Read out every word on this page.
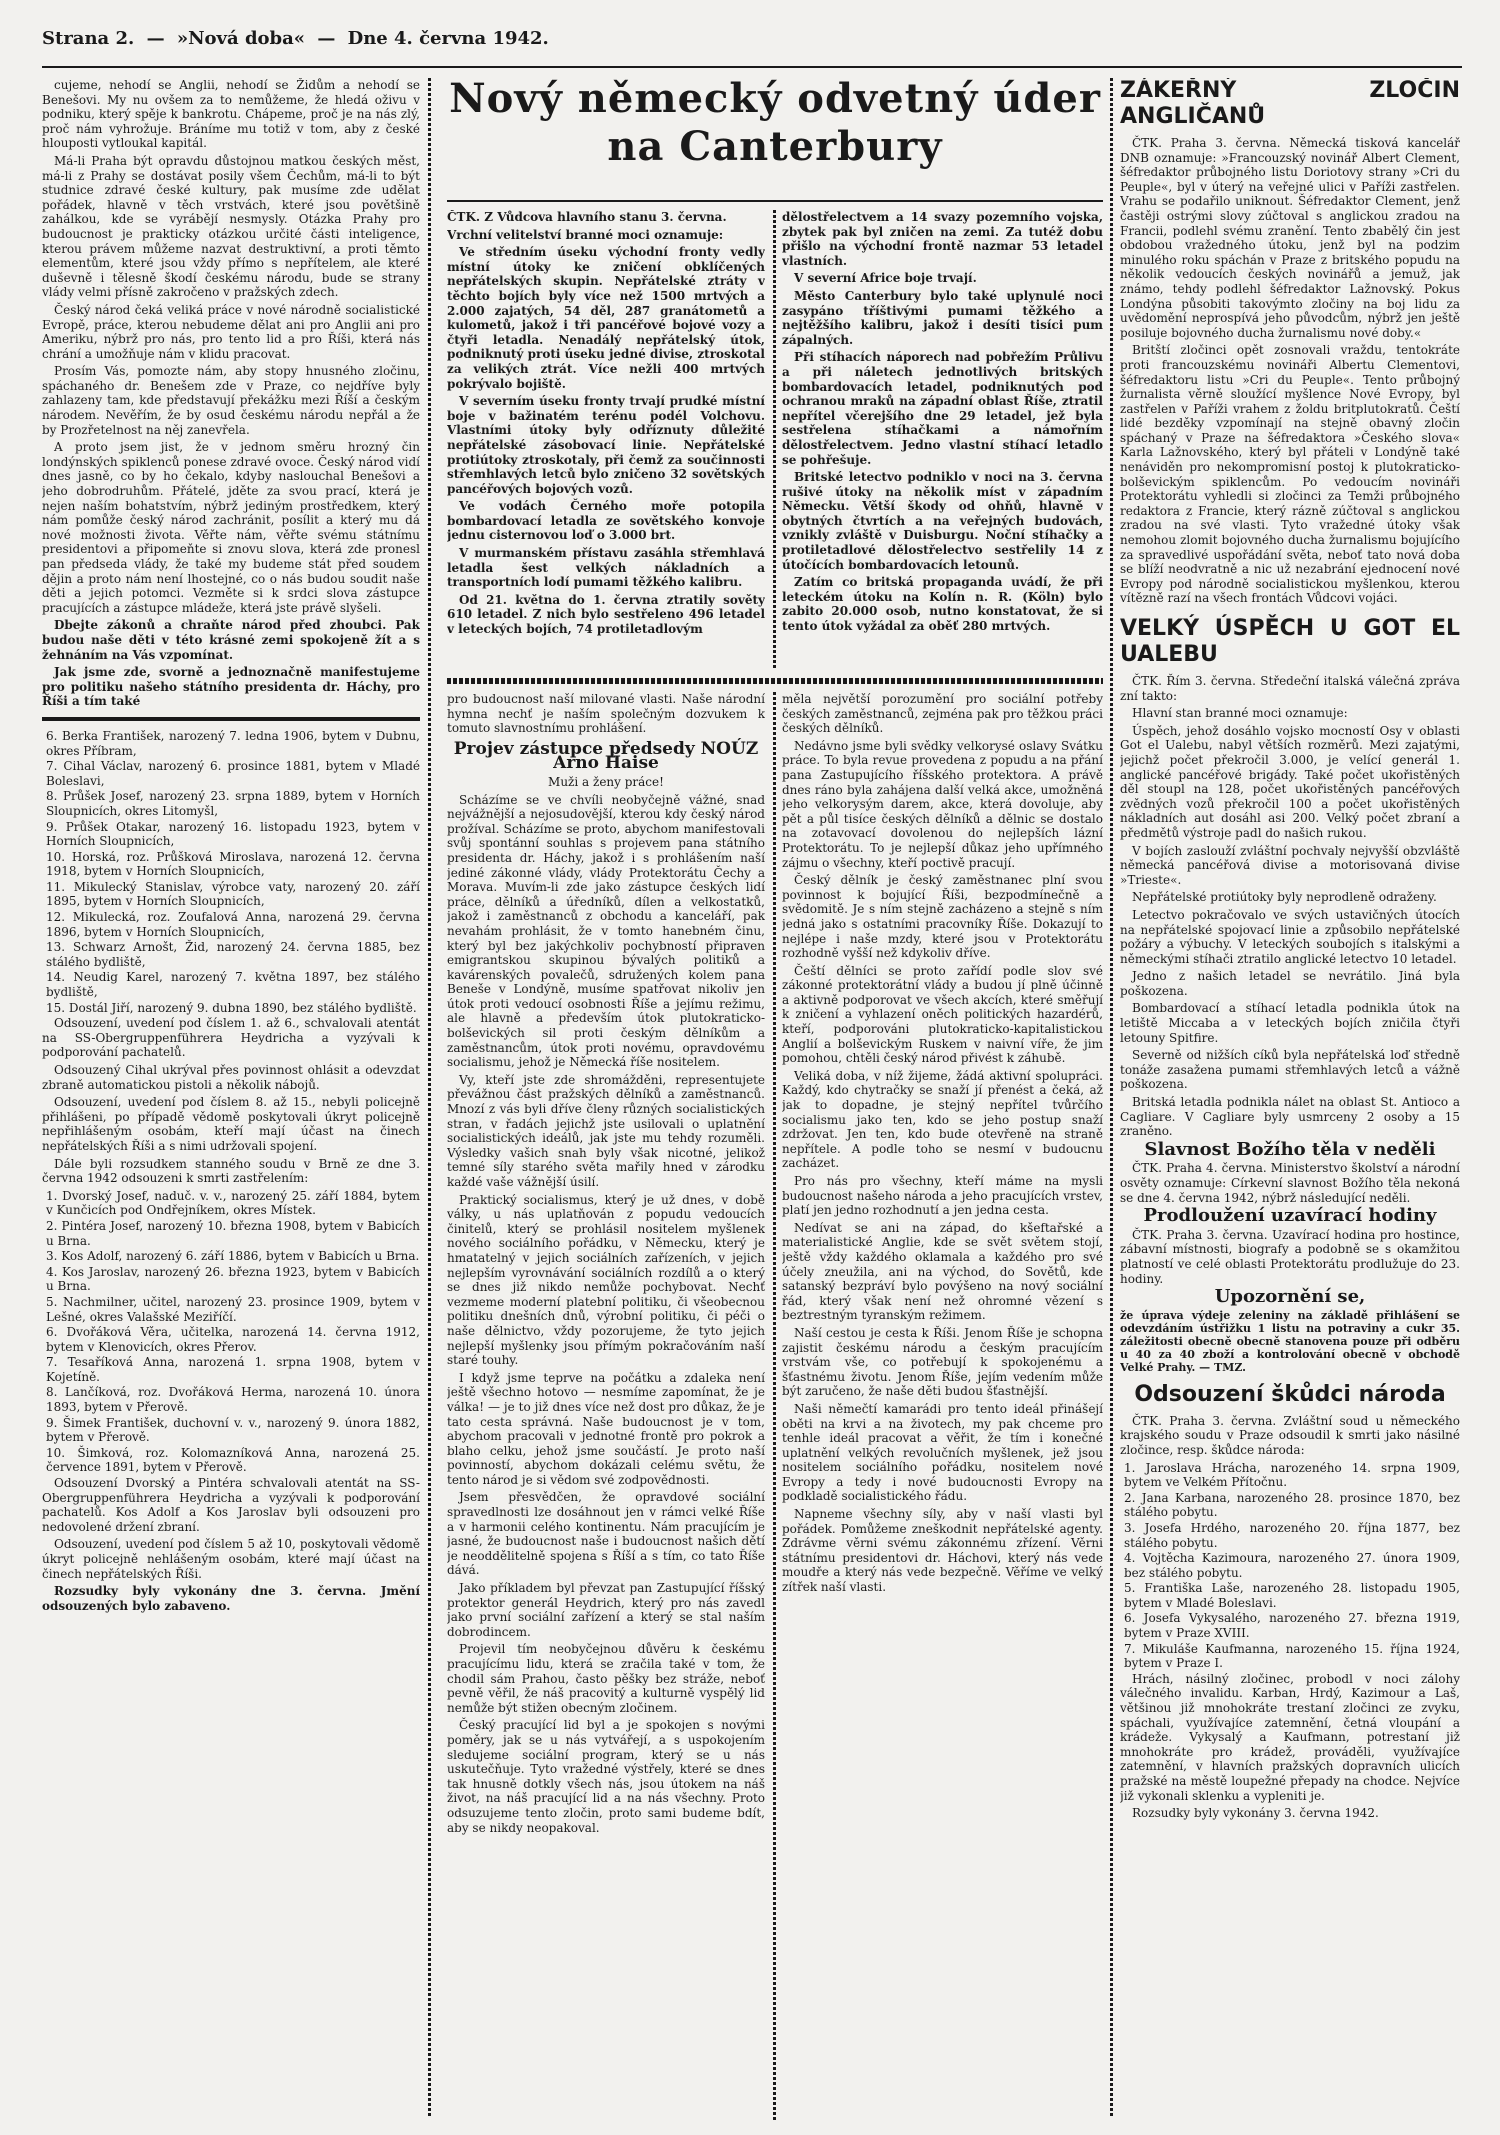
Strana 2. — »Nová doba« — Dne 4. června 1942.

cujeme, nehodí se Anglii, nehodí se Židům a nehodí se Benešovi. My nu ovšem za to nemůžeme, že hledá oživu v podniku, který spěje k bankrotu. Chápeme, proč je na nás zlý, proč nám vyhrožuje. Bráníme mu totiž v tom, aby z české hlouposti vytloukal kapitál.

Má-li Praha být opravdu důstojnou matkou českých měst, má-li z Prahy se dostávat posily všem Čechům, má-li to být studnice zdravé české kultury, pak musíme zde udělat pořádek, hlavně v těch vrstvách, které jsou povětšině zahálkou, kde se vyrábějí nesmysly. Otázka Prahy pro budoucnost je prakticky otázkou určité části inteligence, kterou právem můžeme nazvat destruktivní, a proti těmto elementům, které jsou vždy přímo s nepřítelem, ale které duševně i tělesně škodí českému národu, bude se strany vlády velmi přísně zakročeno v pražských zdech.

Český národ čeká veliká práce v nové národně socialistické Evropě, práce, kterou nebudeme dělat ani pro Anglii ani pro Ameriku, nýbrž pro nás, pro tento lid a pro Říši, která nás chrání a umožňuje nám v klidu pracovat.

Prosím Vás, pomozte nám, aby stopy hnusného zločinu, spáchaného dr. Benešem zde v Praze, co nejdříve byly zahlazeny tam, kde představují překážku mezi Říší a českým národem. Nevěřím, že by osud českému národu nepřál a že by Prozřetelnost na něj zanevřela.

A proto jsem jist, že v jednom směru hrozný čin londýnských spiklenců ponese zdravé ovoce. Český národ vidí dnes jasně, co by ho čekalo, kdyby naslouchal Benešovi a jeho dobrodruhům. Přátelé, jděte za svou prací, která je nejen naším bohatstvím, nýbrž jediným prostředkem, který nám pomůže český národ zachránit, posílit a který mu dá nové možnosti života. Věřte nám, věřte svému státnímu presidentovi a připomeňte si znovu slova, která zde pronesl pan předseda vlády, že také my budeme stát před soudem dějin a proto nám není lhostejné, co o nás budou soudit naše děti a jejich potomci. Vezměte si k srdci slova zástupce pracujících a zástupce mládeže, která jste právě slyšeli.

Dbejte zákonů a chraňte národ před zhoubci. Pak budou naše děti v této krásné zemi spokojeně žít a s žehnáním na Vás vzpomínat.

Jak jsme zde, svorně a jednoznačně manifestujeme pro politiku našeho státního presidenta dr. Háchy, pro Říši a tím také

6. Berka František, narozený 7. ledna 1906, bytem v Dubnu, okres Příbram,
7. Cihal Václav, narozený 6. prosince 1881, bytem v Mladé Boleslavi,
8. Průšek Josef, narozený 23. srpna 1889, bytem v Horních Sloupnicích, okres Litomyšl,
9. Průšek Otakar, narozený 16. listopadu 1923, bytem v Horních Sloupnicích,
10. Horská, roz. Průšková Miroslava, narozená 12. června 1918, bytem v Horních Sloupnicích,
11. Mikulecký Stanislav, výrobce vaty, narozený 20. září 1895, bytem v Horních Sloupnicích,
12. Mikulecká, roz. Zoufalová Anna, narozená 29. června 1896, bytem v Horních Sloupnicích,
13. Schwarz Arnošt, Žid, narozený 24. června 1885, bez stálého bydliště,
14. Neudig Karel, narozený 7. května 1897, bez stálého bydliště,
15. Dostál Jiří, narozený 9. dubna 1890, bez stálého bydliště.

Odsouzení, uvedení pod číslem 1. až 6., schvalovali atentát na SS-Obergruppenführera Heydricha a vyzývali k podporování pachatelů.

Odsouzený Cihal ukrýval přes povinnost ohlásit a odevzdat zbraně automatickou pistoli a několik nábojů.

Odsouzení, uvedení pod číslem 8. až 15., nebyli policejně přihlášeni, po případě vědomě poskytovali úkryt policejně nepřihlášeným osobám, kteří mají účast na činech nepřátelských Říši a s nimi udržovali spojení.

Dále byli rozsudkem stanného soudu v Brně ze dne 3. června 1942 odsouzeni k smrti zastřelením:

1. Dvorský Josef, naduč. v. v., narozený 25. září 1884, bytem v Kunčicích pod Ondřejníkem, okres Místek.
2. Pintéra Josef, narozený 10. března 1908, bytem v Babicích u Brna.
3. Kos Adolf, narozený 6. září 1886, bytem v Babicích u Brna.
4. Kos Jaroslav, narozený 26. března 1923, bytem v Babicích u Brna.
5. Nachmilner, učitel, narozený 23. prosince 1909, bytem v Lešné, okres Valašské Meziříčí.
6. Dvořáková Věra, učitelka, narozená 14. června 1912, bytem v Klenovicích, okres Přerov.
7. Tesaříková Anna, narozená 1. srpna 1908, bytem v Kojetíně.
8. Lančíková, roz. Dvořáková Herma, narozená 10. února 1893, bytem v Přerově.
9. Šimek František, duchovní v. v., narozený 9. února 1882, bytem v Přerově.
10. Šimková, roz. Kolomazníková Anna, narozená 25. července 1891, bytem v Přerově.

Odsouzení Dvorský a Pintéra schvalovali atentát na SS-Obergruppenführera Heydricha a vyzývali k podporování pachatelů. Kos Adolf a Kos Jaroslav byli odsouzeni pro nedovolené držení zbraní.

Odsouzení, uvedení pod číslem 5 až 10, poskytovali vědomě úkryt policejně nehlášeným osobám, které mají účast na činech nepřátelských Říši.

Rozsudky byly vykonány dne 3. června. Jmění odsouzených bylo zabaveno.

Nový německý odvetný úder
na Canterbury

ČTK. Z Vůdcova hlavního stanu 3. června.

Vrchní velitelství branné moci oznamuje:

Ve středním úseku východní fronty vedly místní útoky ke zničení obklíčených nepřátelských skupin. Nepřátelské ztráty v těchto bojích byly více než 1500 mrtvých a 2.000 zajatých, 54 děl, 287 granátometů a kulometů, jakož i tři pancéřové bojové vozy a čtyři letadla. Nenadálý nepřátelský útok, podniknutý proti úseku jedné divise, ztroskotal za velikých ztrát. Více nežli 400 mrtvých pokrývalo bojiště.

V severním úseku fronty trvají prudké místní boje v bažinatém terénu podél Volchovu. Vlastními útoky byly odříznuty důležité nepřátelské zásobovací linie. Nepřátelské protiútoky ztroskotaly, při čemž za součinnosti střemhlavých letců bylo zničeno 32 sovětských pancéřových bojových vozů.

Ve vodách Černého moře potopila bombardovací letadla ze sovětského konvoje jednu cisternovou loď o 3.000 brt.

V murmanském přístavu zasáhla střemhlavá letadla šest velkých nákladních a transportních lodí pumami těžkého kalibru.

Od 21. května do 1. června ztratily sověty 610 letadel. Z nich bylo sestřeleno 496 letadel v leteckých bojích, 74 protiletadlovým

dělostřelectvem a 14 svazy pozemního vojska, zbytek pak byl zničen na zemi. Za tutéž dobu přišlo na východní frontě nazmar 53 letadel vlastních.

V severní Africe boje trvají.

Město Canterbury bylo také uplynulé noci zasypáno tříštivými pumami těžkého a nejtěžšího kalibru, jakož i desíti tisíci pum zápalných.

Při stíhacích náporech nad pobřežím Průlivu a při náletech jednotlivých britských bombardovacích letadel, podniknutých pod ochranou mraků na západní oblast Říše, ztratil nepřítel včerejšího dne 29 letadel, jež byla sestřelena stíhačkami a námořním dělostřelectvem. Jedno vlastní stíhací letadlo se pohřešuje.

Britské letectvo podniklo v noci na 3. června rušivé útoky na několik míst v západním Německu. Větší škody od ohňů, hlavně v obytných čtvrtích a na veřejných budovách, vznikly zvláště v Duisburgu. Noční stíhačky a protiletadlové dělostřelectvo sestřelily 14 z útočících bombardovacích letounů.

Zatím co britská propaganda uvádí, že při leteckém útoku na Kolín n. R. (Köln) bylo zabito 20.000 osob, nutno konstatovat, že si tento útok vyžádal za oběť 280 mrtvých.

pro budoucnost naší milované vlasti. Naše národní hymna nechť je naším společným dozvukem k tomuto slavnostnímu prohlášení.

Projev zástupce předsedy NOÚZ Arno Haise

Muži a ženy práce!

Scházíme se ve chvíli neobyčejně vážné, snad nejvážnější a nejosudovější, kterou kdy český národ prožíval. Scházíme se proto, abychom manifestovali svůj spontánní souhlas s projevem pana státního presidenta dr. Háchy, jakož i s prohlášením naší jediné zákonné vlády, vlády Protektorátu Čechy a Morava. Muvím-li zde jako zástupce českých lidí práce, dělníků a úředníků, dílen a velkostatků, jakož i zaměstnanců z obchodu a kanceláří, pak nevahám prohlásit, že v tomto hanebném činu, který byl bez jakýchkoliv pochybností připraven emigrantskou skupinou bývalých politiků a kavárenských povalečů, sdružených kolem pana Beneše v Londýně, musíme spatřovat nikoliv jen útok proti vedoucí osobnosti Říše a jejímu režimu, ale hlavně a především útok plutokraticko-bolševických sil proti českým dělníkům a zaměstnancům, útok proti novému, opravdovému socialismu, jehož je Německá říše nositelem.

Vy, kteří jste zde shromážděni, representujete převážnou část pražských dělníků a zaměstnanců. Mnozí z vás byli dříve členy různých socialistických stran, v řadách jejichž jste usilovali o uplatnění socialistických ideálů, jak jste mu tehdy rozuměli. Výsledky vašich snah byly však nicotné, jelikož temné síly starého světa mařily hned v zárodku každé vaše vážnější úsilí.

Praktický socialismus, který je už dnes, v době války, u nás uplatňován z popudu vedoucích činitelů, který se prohlásil nositelem myšlenek nového sociálního pořádku, v Německu, který je hmatatelný v jejich sociálních zařízeních, v jejich nejlepším vyrovnávání sociálních rozdílů a o který se dnes již nikdo nemůže pochybovat. Nechť vezmeme moderní platební politiku, či všeobecnou politiku dnešních dnů, výrobní politiku, či péči o naše dělnictvo, vždy pozorujeme, že tyto jejich nejlepší myšlenky jsou přímým pokračováním naší staré touhy.

I když jsme teprve na počátku a zdaleka není ještě všechno hotovo — nesmíme zapomínat, že je válka! — je to již dnes více než dost pro důkaz, že je tato cesta správná. Naše budoucnost je v tom, abychom pracovali v jednotné frontě pro pokrok a blaho celku, jehož jsme součástí. Je proto naší povinností, abychom dokázali celému světu, že tento národ je si vědom své zodpovědnosti.

Jsem přesvědčen, že opravdové sociální spravedlnosti lze dosáhnout jen v rámci velké Říše a v harmonii celého kontinentu. Nám pracujícím je jasné, že budoucnost naše i budoucnost našich dětí je neoddělitelně spojena s Říší a s tím, co tato Říše dává.

Jako příkladem byl převzat pan Zastupující říšský protektor generál Heydrich, který pro nás zavedl jako první sociální zařízení a který se stal naším dobrodincem.

Projevil tím neobyčejnou důvěru k českému pracujícímu lidu, která se zračila také v tom, že chodil sám Prahou, často pěšky bez stráže, neboť pevně věřil, že náš pracovitý a kulturně vyspělý lid nemůže být stižen obecným zločinem.

Český pracující lid byl a je spokojen s novými poměry, jak se u nás vytvářejí, a s uspokojením sledujeme sociální program, který se u nás uskutečňuje. Tyto vražedné výstřely, které se dnes tak hnusně dotkly všech nás, jsou útokem na náš život, na náš pracující lid a na nás všechny. Proto odsuzujeme tento zločin, proto sami budeme bdít, aby se nikdy neopakoval.

měla největší porozumění pro sociální potřeby českých zaměstnanců, zejména pak pro těžkou práci českých dělníků.

Nedávno jsme byli svědky velkorysé oslavy Svátku práce. To byla revue provedena z popudu a na přání pana Zastupujícího říšského protektora. A právě dnes ráno byla zahájena další velká akce, umožněná jeho velkorysým darem, akce, která dovoluje, aby pět a půl tisíce českých dělníků a dělnic se dostalo na zotavovací dovolenou do nejlepších lázní Protektorátu. To je nejlepší důkaz jeho upřímného zájmu o všechny, kteří poctivě pracují.

Český dělník je český zaměstnanec plní svou povinnost k bojující Říši, bezpodmínečně a svědomitě. Je s ním stejně zacházeno a stejně s ním jedná jako s ostatními pracovníky Říše. Dokazují to nejlépe i naše mzdy, které jsou v Protektorátu rozhodně vyšší než kdykoliv dříve.

Čeští dělníci se proto zařídí podle slov své zákonné protektorátní vlády a budou jí plně účinně a aktivně podporovat ve všech akcích, které směřují k zničení a vyhlazení oněch politických hazardérů, kteří, podporováni plutokraticko-kapitalistickou Anglií a bolševickým Ruskem v naivní víře, že jim pomohou, chtěli český národ přivést k záhubě.

Veliká doba, v níž žijeme, žádá aktivní spolupráci. Každý, kdo chytračky se snaží jí přenést a čeká, až jak to dopadne, je stejný nepřítel tvůrčího socialismu jako ten, kdo se jeho postup snaží zdržovat. Jen ten, kdo bude otevřeně na straně nepřítele. A podle toho se nesmí v budoucnu zacházet.

Pro nás pro všechny, kteří máme na mysli budoucnost našeho národa a jeho pracujících vrstev, platí jen jedno rozhodnutí a jen jedna cesta.

Nedívat se ani na západ, do kšeftařské a materialistické Anglie, kde se svět světem stojí, ještě vždy každého oklamala a každého pro své účely zneužila, ani na východ, do Sovětů, kde satanský bezpráví bylo povýšeno na nový sociální řád, který však není než ohromné vězení s beztrestným tyranským režimem.

Naší cestou je cesta k Říši. Jenom Říše je schopna zajistit českému národu a českým pracujícím vrstvám vše, co potřebují k spokojenému a šťastnému životu. Jenom Říše, jejím vedením může být zaručeno, že naše děti budou šťastnější.

Naši němečtí kamarádi pro tento ideál přinášejí oběti na krvi a na životech, my pak chceme pro tenhle ideál pracovat a věřit, že tím i konečné uplatnění velkých revolučních myšlenek, jež jsou nositelem sociálního pořádku, nositelem nové Evropy a tedy i nové budoucnosti Evropy na podkladě socialistického řádu.

Napneme všechny síly, aby v naší vlasti byl pořádek. Pomůžeme zneškodnit nepřátelské agenty. Zdrávme věrni svému zákonnému zřízení. Věrni státnímu presidentovi dr. Háchovi, který nás vede moudře a který nás vede bezpečně. Věříme ve velký zítřek naší vlasti.

ZÁKEŘNÝ ZLOČIN ANGLIČANŮ

ČTK. Praha 3. června. Německá tisková kancelář DNB oznamuje: »Francouzský novinář Albert Clement, šéfredaktor průbojného listu Doriotovy strany »Cri du Peuple«, byl v úterý na veřejné ulici v Paříži zastřelen. Vrahu se podařilo uniknout. Šéfredaktor Clement, jenž častěji ostrými slovy zúčtoval s anglickou zradou na Francii, podlehl svému zranění. Tento zbabělý čin jest obdobou vražedného útoku, jenž byl na podzim minulého roku spáchán v Praze z britského popudu na několik vedoucích českých novinářů a jemuž, jak známo, tehdy podlehl šéfredaktor Lažnovský. Pokus Londýna působiti takovýmto zločiny na boj lidu za uvědomění neprospívá jeho původcům, nýbrž jen ještě posiluje bojovného ducha žurnalismu nové doby.«

Britští zločinci opět zosnovali vraždu, tentokráte proti francouzskému novináři Albertu Clementovi, šéfredaktoru listu »Cri du Peuple«. Tento průbojný žurnalista věrně sloužící myšlence Nové Evropy, byl zastřelen v Paříži vrahem z žoldu britplutokratů. Čeští lidé bezděky vzpomínají na stejně obavný zločin spáchaný v Praze na šéfredaktora »Českého slova« Karla Lažnovského, který byl přáteli v Londýně také nenáviděn pro nekompromisní postoj k plutokraticko-bolševickým spiklencům. Po vedoucím novináři Protektorátu vyhledli si zločinci za Temži průbojného redaktora z Francie, který rázně zúčtoval s anglickou zradou na své vlasti. Tyto vražedné útoky však nemohou zlomit bojovného ducha žurnalismu bojujícího za spravedlivé uspořádání světa, neboť tato nová doba se blíží neodvratně a nic už nezabrání ejednocení nové Evropy pod národně socialistickou myšlenkou, kterou vítězně razí na všech frontách Vůdcovi vojáci.

VELKÝ ÚSPĚCH U GOT EL UALEBU

ČTK. Řím 3. června. Středeční italská válečná zpráva zní takto:

Hlavní stan branné moci oznamuje:

Úspěch, jehož dosáhlo vojsko mocností Osy v oblasti Got el Ualebu, nabyl větších rozměrů. Mezi zajatými, jejichž počet překročil 3.000, je velící generál 1. anglické pancéřové brigády. Také počet ukořistěných děl stoupl na 128, počet ukořistěných pancéřových zvědných vozů překročil 100 a počet ukořistěných nákladních aut dosáhl asi 200. Velký počet zbraní a předmětů výstroje padl do našich rukou.

V bojích zaslouží zvláštní pochvaly nejvyšší obzvláště německá pancéřová divise a motorisovaná divise »Trieste«.

Nepřátelské protiútoky byly neprodleně odraženy.

Letectvo pokračovalo ve svých ustavičných útocích na nepřátelské spojovací linie a způsobilo nepřátelské požáry a výbuchy. V leteckých soubojích s italskými a německými stíhači ztratilo anglické letectvo 10 letadel.

Jedno z našich letadel se nevrátilo. Jiná byla poškozena.

Bombardovací a stíhací letadla podnikla útok na letiště Miccaba a v leteckých bojích zničila čtyři letouny Spitfire.

Severně od nižších cíků byla nepřátelská loď středně tonáže zasažena pumami střemhlavých letců a vážně poškozena.

Britská letadla podnikla nálet na oblast St. Antioco a Cagliare. V Cagliare byly usmrceny 2 osoby a 15 zraněno.

Slavnost Božího těla v neděli

ČTK. Praha 4. června. Ministerstvo školství a národní osvěty oznamuje: Církevní slavnost Božího těla nekoná se dne 4. června 1942, nýbrž následující neděli.

Prodloužení uzavírací hodiny

ČTK. Praha 3. června. Uzavírací hodina pro hostince, zábavní místnosti, biografy a podobně se s okamžitou platností ve celé oblasti Protektorátu prodlužuje do 23. hodiny.

Upozornění se,

že úprava výdeje zeleniny na základě přihlášení se odevzdáním ústřižku 1 listu na potraviny a cukr 35. záležitosti obecně obecně stanovena pouze při odběru u 40 za 40 zboží a kontrolování obecně v obchodě Velké Prahy. — TMZ.

Odsouzení škůdci národa

ČTK. Praha 3. června. Zvláštní soud u německého krajského soudu v Praze odsoudil k smrti jako násilné zločince, resp. škůdce národa:

1. Jaroslava Hrácha, narozeného 14. srpna 1909, bytem ve Velkém Přítočnu.
2. Jana Karbana, narozeného 28. prosince 1870, bez stálého pobytu.
3. Josefa Hrdého, narozeného 20. října 1877, bez stálého pobytu.
4. Vojtěcha Kazimoura, narozeného 27. února 1909, bez stálého pobytu.
5. Františka Laše, narozeného 28. listopadu 1905, bytem v Mladé Boleslavi.
6. Josefa Vykysalého, narozeného 27. března 1919, bytem v Praze XVIII.
7. Mikuláše Kaufmanna, narozeného 15. října 1924, bytem v Praze I.

Hrách, násilný zločinec, probodl v noci zálohy válečného invalidu. Karban, Hrdý, Kazimour a Laš, většinou již mnohokráte trestaní zločinci ze zvyku, spáchali, využívajíce zatemnění, četná vloupání a krádeže. Vykysalý a Kaufmann, potrestaní již mnohokráte pro krádež, prováděli, využívajíce zatemnění, v hlavních pražských dopravních ulicích pražské na městě loupežné přepady na chodce. Nejvíce již vykonali sklenku a vypleniti je.

Rozsudky byly vykonány 3. června 1942.
